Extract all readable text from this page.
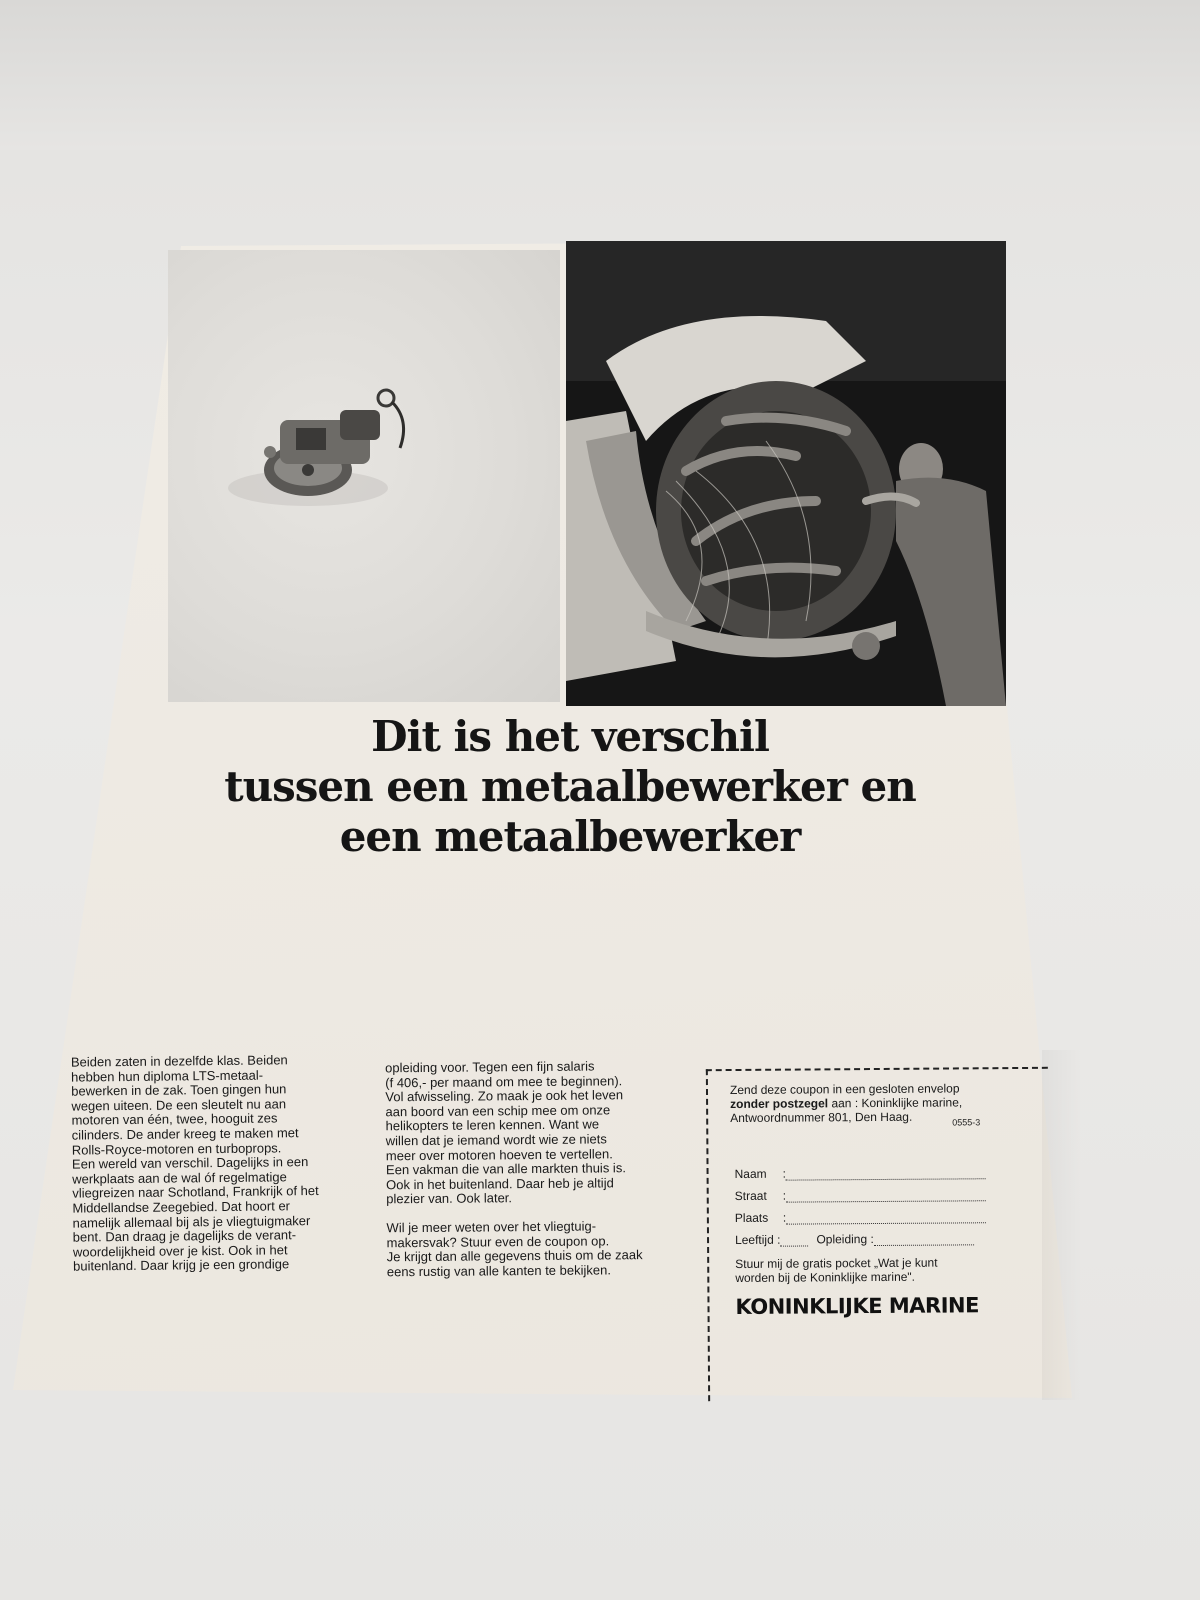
Dit is het verschil
tussen een metaalbewerker en
een metaalbewerker

Beiden zaten in dezelfde klas. Beiden

hebben hun diploma LTS-metaal-

bewerken in de zak. Toen gingen hun

wegen uiteen. De een sleutelt nu aan

motoren van één, twee, hooguit zes

cilinders. De ander kreeg te maken met

Rolls-Royce-motoren en turboprops.

Een wereld van verschil. Dagelijks in een

werkplaats aan de wal óf regelmatige

vliegreizen naar Schotland, Frankrijk of het

Middellandse Zeegebied. Dat hoort er

namelijk allemaal bij als je vliegtuigmaker

bent. Dan draag je dagelijks de verant-

woordelijkheid over je kist. Ook in het

buitenland. Daar krijg je een grondige

opleiding voor. Tegen een fijn salaris

(f 406,- per maand om mee te beginnen).

Vol afwisseling. Zo maak je ook het leven

aan boord van een schip mee om onze

helikopters te leren kennen. Want we

willen dat je iemand wordt wie ze niets

meer over motoren hoeven te vertellen.

Een vakman die van alle markten thuis is.

Ook in het buitenland. Daar heb je altijd

plezier van. Ook later.

Wil je meer weten over het vliegtuig-

makersvak? Stuur even de coupon op.

Je krijgt dan alle gegevens thuis om de zaak

eens rustig van alle kanten te bekijken.

Zend deze coupon in een gesloten envelop
zonder postzegel aan : Koninklijke marine,
Antwoordnummer 801, Den Haag.	0555-3
Naam	:
Straat	:
Plaats	:
Leeftijd :	Opleiding :
Stuur mij de gratis pocket „Wat je kunt
worden bij de Koninklijke marine".
KONINKLIJKE MARINE
